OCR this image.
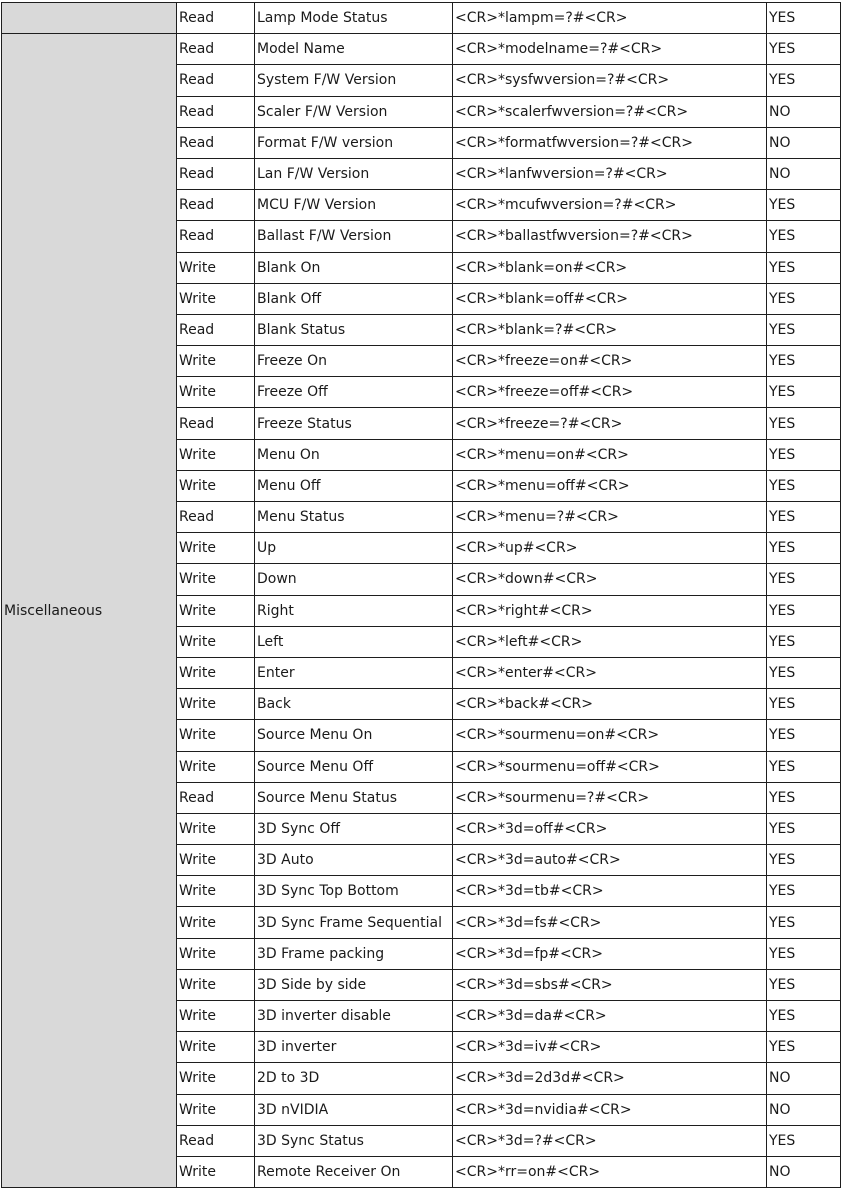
	Read	Lamp Mode Status	<CR>*lampm=?#<CR>	YES
Miscellaneous	Read	Model Name	<CR>*modelname=?#<CR>	YES
	Read	System F/W Version	<CR>*sysfwversion=?#<CR>	YES
	Read	Scaler F/W Version	<CR>*scalerfwversion=?#<CR>	NO
	Read	Format F/W version	<CR>*formatfwversion=?#<CR>	NO
	Read	Lan F/W Version	<CR>*lanfwversion=?#<CR>	NO
	Read	MCU F/W Version	<CR>*mcufwversion=?#<CR>	YES
	Read	Ballast F/W Version	<CR>*ballastfwversion=?#<CR>	YES
	Write	Blank On	<CR>*blank=on#<CR>	YES
	Write	Blank Off	<CR>*blank=off#<CR>	YES
	Read	Blank Status	<CR>*blank=?#<CR>	YES
	Write	Freeze On	<CR>*freeze=on#<CR>	YES
	Write	Freeze Off	<CR>*freeze=off#<CR>	YES
	Read	Freeze Status	<CR>*freeze=?#<CR>	YES
	Write	Menu On	<CR>*menu=on#<CR>	YES
	Write	Menu Off	<CR>*menu=off#<CR>	YES
	Read	Menu Status	<CR>*menu=?#<CR>	YES
	Write	Up	<CR>*up#<CR>	YES
	Write	Down	<CR>*down#<CR>	YES
	Write	Right	<CR>*right#<CR>	YES
	Write	Left	<CR>*left#<CR>	YES
	Write	Enter	<CR>*enter#<CR>	YES
	Write	Back	<CR>*back#<CR>	YES
	Write	Source Menu On	<CR>*sourmenu=on#<CR>	YES
	Write	Source Menu Off	<CR>*sourmenu=off#<CR>	YES
	Read	Source Menu Status	<CR>*sourmenu=?#<CR>	YES
	Write	3D Sync Off	<CR>*3d=off#<CR>	YES
	Write	3D Auto	<CR>*3d=auto#<CR>	YES
	Write	3D Sync Top Bottom	<CR>*3d=tb#<CR>	YES
	Write	3D Sync Frame Sequential	<CR>*3d=fs#<CR>	YES
	Write	3D Frame packing	<CR>*3d=fp#<CR>	YES
	Write	3D Side by side	<CR>*3d=sbs#<CR>	YES
	Write	3D inverter disable	<CR>*3d=da#<CR>	YES
	Write	3D inverter	<CR>*3d=iv#<CR>	YES
	Write	2D to 3D	<CR>*3d=2d3d#<CR>	NO
	Write	3D nVIDIA	<CR>*3d=nvidia#<CR>	NO
	Read	3D Sync Status	<CR>*3d=?#<CR>	YES
	Write	Remote Receiver On	<CR>*rr=on#<CR>	NO
